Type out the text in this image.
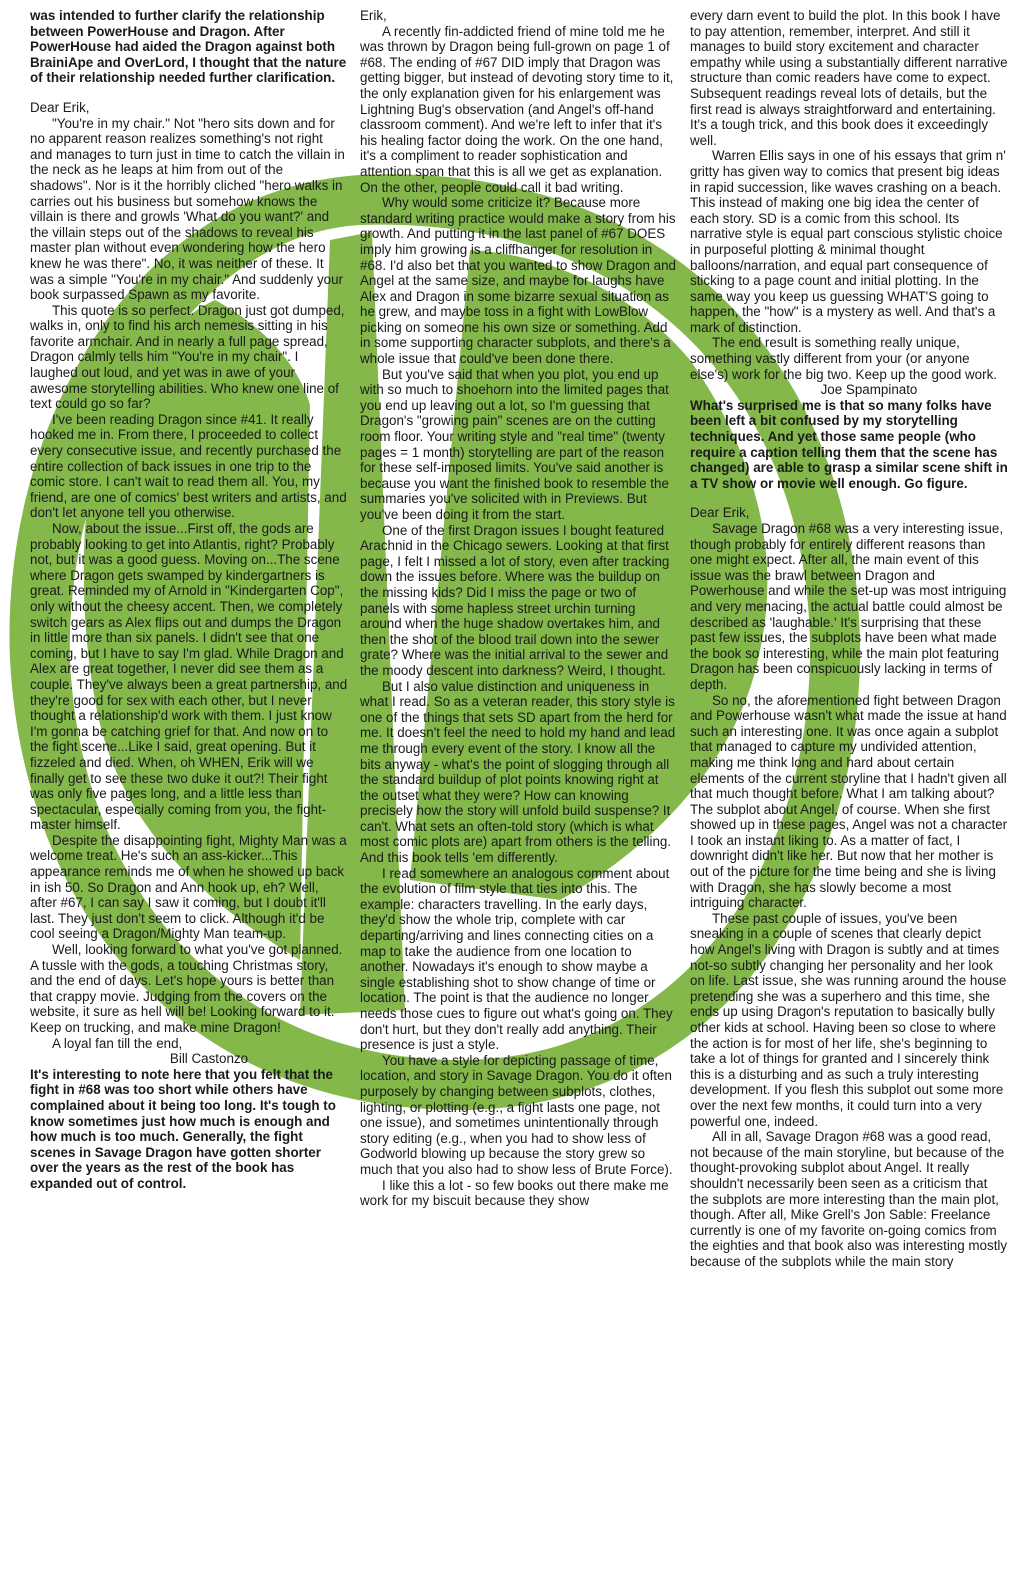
was intended to further clarify the relationship between PowerHouse and Dragon. After PowerHouse had aided the Dragon against both BrainiApe and OverLord, I thought that the nature of their relationship needed further clarification.

Dear Erik,

"You're in my chair." Not "hero sits down and for no apparent reason realizes something's not right and manages to turn just in time to catch the villain in the neck as he leaps at him from out of the shadows". Nor is it the horribly cliched "hero walks in carries out his business but somehow knows the villain is there and growls 'What do you want?' and the villain steps out of the shadows to reveal his master plan without even wondering how the hero knew he was there". No, it was neither of these. It was a simple "You're in my chair." And suddenly your book surpassed Spawn as my favorite.

This quote is so perfect. Dragon just got dumped, walks in, only to find his arch nemesis sitting in his favorite armchair. And in nearly a full page spread, Dragon calmly tells him "You're in my chair". I laughed out loud, and yet was in awe of your awesome storytelling abilities. Who knew one line of text could go so far?

I've been reading Dragon since #41. It really hooked me in. From there, I proceeded to collect every consecutive issue, and recently purchased the entire collection of back issues in one trip to the comic store. I can't wait to read them all. You, my friend, are one of comics' best writers and artists, and don't let anyone tell you otherwise.

Now, about the issue...First off, the gods are probably looking to get into Atlantis, right? Probably not, but it was a good guess. Moving on...The scene where Dragon gets swamped by kindergartners is great. Reminded my of Arnold in "Kindergarten Cop", only without the cheesy accent. Then, we completely switch gears as Alex flips out and dumps the Dragon in little more than six panels. I didn't see that one coming, but I have to say I'm glad. While Dragon and Alex are great together, I never did see them as a couple. They've always been a great partnership, and they're good for sex with each other, but I never thought a relationship'd work with them. I just know I'm gonna be catching grief for that. And now on to the fight scene...Like I said, great opening. But it fizzeled and died. When, oh WHEN, Erik will we finally get to see these two duke it out?! Their fight was only five pages long, and a little less than spectacular, especially coming from you, the fight-master himself.

Despite the disappointing fight, Mighty Man was a welcome treat. He's such an ass-kicker...This appearance reminds me of when he showed up back in ish 50. So Dragon and Ann hook up, eh? Well, after #67, I can say I saw it coming, but I doubt it'll last. They just don't seem to click. Although it'd be cool seeing a Dragon/Mighty Man team-up.

Well, looking forward to what you've got planned. A tussle with the gods, a touching Christmas story, and the end of days. Let's hope yours is better than that crappy movie. Judging from the covers on the website, it sure as hell will be! Looking forward to it. Keep on trucking, and make mine Dragon!

A loyal fan till the end,

Bill Castonzo

It's interesting to note here that you felt that the fight in #68 was too short while others have complained about it being too long. It's tough to know sometimes just how much is enough and how much is too much. Generally, the fight scenes in Savage Dragon have gotten shorter over the years as the rest of the book has expanded out of control.

Erik,

A recently fin-addicted friend of mine told me he was thrown by Dragon being full-grown on page 1 of #68. The ending of #67 DID imply that Dragon was getting bigger, but instead of devoting story time to it, the only explanation given for his enlargement was Lightning Bug's observation (and Angel's off-hand classroom comment). And we're left to infer that it's his healing factor doing the work. On the one hand, it's a compliment to reader sophistication and attention span that this is all we get as explanation. On the other, people could call it bad writing.

Why would some criticize it? Because more standard writing practice would make a story from his growth. And putting it in the last panel of #67 DOES imply him growing is a cliffhanger for resolution in #68. I'd also bet that you wanted to show Dragon and Angel at the same size, and maybe for laughs have Alex and Dragon in some bizarre sexual situation as he grew, and maybe toss in a fight with LowBlow picking on someone his own size or something. Add in some supporting character subplots, and there's a whole issue that could've been done there.

But you've said that when you plot, you end up with so much to shoehorn into the limited pages that you end up leaving out a lot, so I'm guessing that Dragon's "growing pain" scenes are on the cutting room floor. Your writing style and "real time" (twenty pages = 1 month) storytelling are part of the reason for these self-imposed limits. You've said another is because you want the finished book to resemble the summaries you've solicited with in Previews. But you've been doing it from the start.

One of the first Dragon issues I bought featured Arachnid in the Chicago sewers. Looking at that first page, I felt I missed a lot of story, even after tracking down the issues before. Where was the buildup on the missing kids? Did I miss the page or two of panels with some hapless street urchin turning around when the huge shadow overtakes him, and then the shot of the blood trail down into the sewer grate? Where was the initial arrival to the sewer and the moody descent into darkness? Weird, I thought.

But I also value distinction and uniqueness in what I read. So as a veteran reader, this story style is one of the things that sets SD apart from the herd for me. It doesn't feel the need to hold my hand and lead me through every event of the story. I know all the bits anyway - what's the point of slogging through all the standard buildup of plot points knowing right at the outset what they were? How can knowing precisely how the story will unfold build suspense? It can't. What sets an often-told story (which is what most comic plots are) apart from others is the telling. And this book tells 'em differently.

I read somewhere an analogous comment about the evolution of film style that ties into this. The example: characters travelling. In the early days, they'd show the whole trip, complete with car departing/arriving and lines connecting cities on a map to take the audience from one location to another. Nowadays it's enough to show maybe a single establishing shot to show change of time or location. The point is that the audience no longer needs those cues to figure out what's going on. They don't hurt, but they don't really add anything. Their presence is just a style.

You have a style for depicting passage of time, location, and story in Savage Dragon. You do it often purposely by changing between subplots, clothes, lighting, or plotting (e.g., a fight lasts one page, not one issue), and sometimes unintentionally through story editing (e.g., when you had to show less of Godworld blowing up because the story grew so much that you also had to show less of Brute Force).

I like this a lot - so few books out there make me work for my biscuit because they show

every darn event to build the plot. In this book I have to pay attention, remember, interpret. And still it manages to build story excitement and character empathy while using a substantially different narrative structure than comic readers have come to expect. Subsequent readings reveal lots of details, but the first read is always straightforward and entertaining. It's a tough trick, and this book does it exceedingly well.

Warren Ellis says in one of his essays that grim n' gritty has given way to comics that present big ideas in rapid succession, like waves crashing on a beach. This instead of making one big idea the center of each story. SD is a comic from this school. Its narrative style is equal part conscious stylistic choice in purposeful plotting & minimal thought balloons/narration, and equal part consequence of sticking to a page count and initial plotting. In the same way you keep us guessing WHAT'S going to happen, the "how" is a mystery as well. And that's a mark of distinction.

The end result is something really unique, something vastly different from your (or anyone else's) work for the big two. Keep up the good work.

Joe Spampinato

What's surprised me is that so many folks have been left a bit confused by my storytelling techniques. And yet those same people (who require a caption telling them that the scene has changed) are able to grasp a similar scene shift in a TV show or movie well enough. Go figure.

Dear Erik,

Savage Dragon #68 was a very interesting issue, though probably for entirely different reasons than one might expect. After all, the main event of this issue was the brawl between Dragon and Powerhouse and while the set-up was most intriguing and very menacing, the actual battle could almost be described as 'laughable.' It's surprising that these past few issues, the subplots have been what made the book so interesting, while the main plot featuring Dragon has been conspicuously lacking in terms of depth.

So no, the aforementioned fight between Dragon and Powerhouse wasn't what made the issue at hand such an interesting one. It was once again a subplot that managed to capture my undivided attention, making me think long and hard about certain elements of the current storyline that I hadn't given all that much thought before. What I am talking about? The subplot about Angel, of course. When she first showed up in these pages, Angel was not a character I took an instant liking to. As a matter of fact, I downright didn't like her. But now that her mother is out of the picture for the time being and she is living with Dragon, she has slowly become a most intriguing character.

These past couple of issues, you've been sneaking in a couple of scenes that clearly depict how Angel's living with Dragon is subtly and at times not-so subtly changing her personality and her look on life. Last issue, she was running around the house pretending she was a superhero and this time, she ends up using Dragon's reputation to basically bully other kids at school. Having been so close to where the action is for most of her life, she's beginning to take a lot of things for granted and I sincerely think this is a disturbing and as such a truly interesting development. If you flesh this subplot out some more over the next few months, it could turn into a very powerful one, indeed.

All in all, Savage Dragon #68 was a good read, not because of the main storyline, but because of the thought-provoking subplot about Angel. It really shouldn't necessarily been seen as a criticism that the subplots are more interesting than the main plot, though. After all, Mike Grell's Jon Sable: Freelance currently is one of my favorite on-going comics from the eighties and that book also was interesting mostly because of the subplots while the main story
